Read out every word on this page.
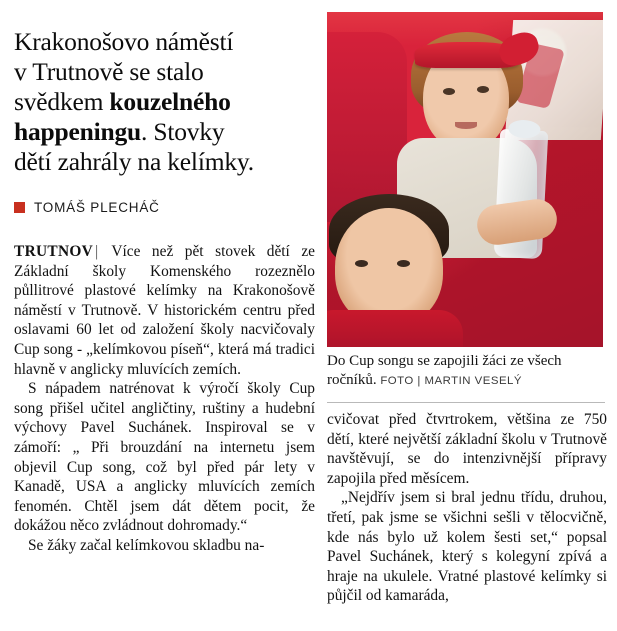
Krakonošovo náměstí
v Trutnově se stalo
svědkem kouzelného
happeningu. Stovky
dětí zahrály na kelímky.
TOMÁŠ PLECHÁČ

TRUTNOV | Více než pět stovek dětí ze Základní školy Komenského rozeznělo půllitrové plastové kelímky na Krakonošově náměstí v Trutnově. V historickém centru před oslavami 60 let od založení školy nacvičovaly Cup song - „kelímkovou píseň“, která má tradici hlavně v anglicky mluvících zemích.

S nápadem natrénovat k výročí školy Cup song přišel učitel angličtiny, ruštiny a hudební výchovy Pavel Suchánek. Inspiroval se v zámoří: „ Při brouzdání na internetu jsem objevil Cup song, což byl před pár lety v Kanadě, USA a anglicky mluvících zemích fenomén. Chtěl jsem dát dětem pocit, že dokážou něco zvládnout dohromady.“

Se žáky začal kelímkovou skladbu na-

Do Cup songu se zapojili žáci ze všech ročníků. FOTO | MARTIN VESELÝ

cvičovat před čtvrtrokem, většina ze 750 dětí, které největší základní školu v Trutnově navštěvují, se do intenzivnější přípravy zapojila před měsícem.

„Nejdřív jsem si bral jednu třídu, druhou, třetí, pak jsme se všichni sešli v tělocvičně, kde nás bylo už kolem šesti set,“ popsal Pavel Suchánek, který s kolegyní zpívá a hraje na ukulele. Vratné plastové kelímky si půjčil od kamaráda,
